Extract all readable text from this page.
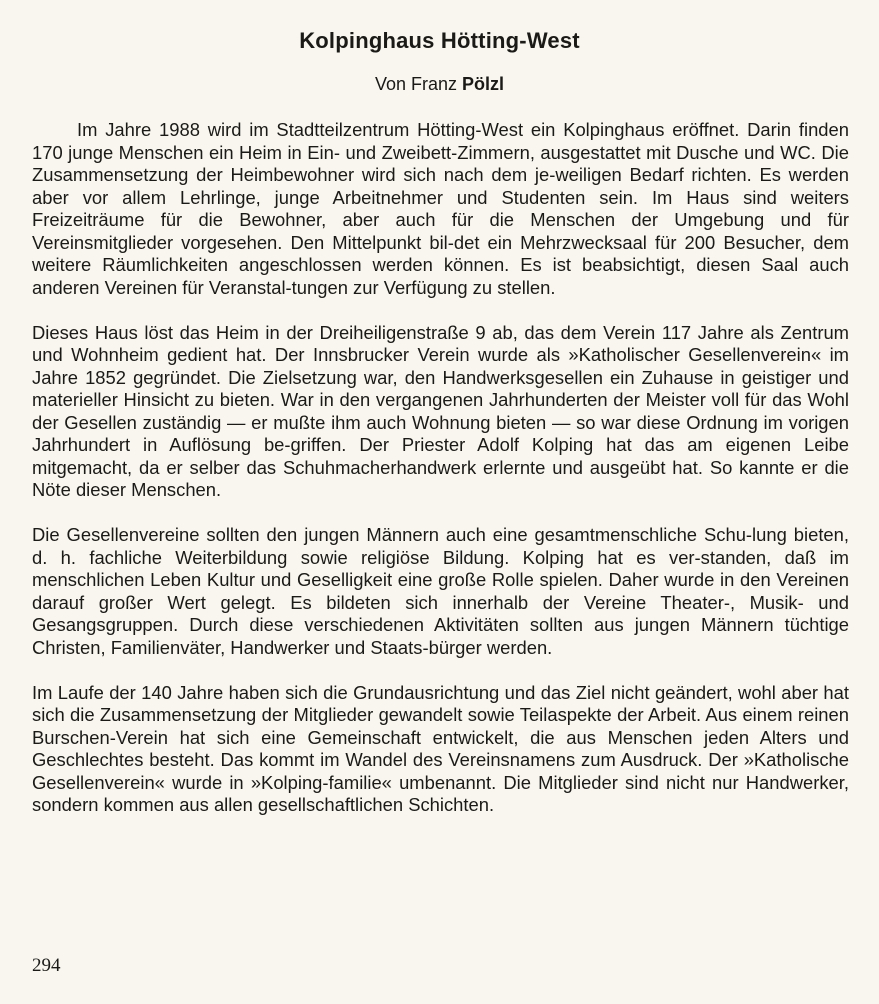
Kolpinghaus Hötting-West
Von Franz Pölzl

Im Jahre 1988 wird im Stadtteilzentrum Hötting-West ein Kolpinghaus eröffnet. Darin finden 170 junge Menschen ein Heim in Ein- und Zweibett-Zimmern, ausgestattet mit Dusche und WC. Die Zusammensetzung der Heimbewohner wird sich nach dem je-weiligen Bedarf richten. Es werden aber vor allem Lehrlinge, junge Arbeitnehmer und Studenten sein. Im Haus sind weiters Freizeiträume für die Bewohner, aber auch für die Menschen der Umgebung und für Vereinsmitglieder vorgesehen. Den Mittelpunkt bil-det ein Mehrzwecksaal für 200 Besucher, dem weitere Räumlichkeiten angeschlossen werden können. Es ist beabsichtigt, diesen Saal auch anderen Vereinen für Veranstal-tungen zur Verfügung zu stellen.

Dieses Haus löst das Heim in der Dreiheiligenstraße 9 ab, das dem Verein 117 Jahre als Zentrum und Wohnheim gedient hat. Der Innsbrucker Verein wurde als »Katholischer Gesellenverein« im Jahre 1852 gegründet. Die Zielsetzung war, den Handwerksgesellen ein Zuhause in geistiger und materieller Hinsicht zu bieten. War in den vergangenen Jahrhunderten der Meister voll für das Wohl der Gesellen zuständig — er mußte ihm auch Wohnung bieten — so war diese Ordnung im vorigen Jahrhundert in Auflösung be-griffen. Der Priester Adolf Kolping hat das am eigenen Leibe mitgemacht, da er selber das Schuhmacherhandwerk erlernte und ausgeübt hat. So kannte er die Nöte dieser Menschen.

Die Gesellenvereine sollten den jungen Männern auch eine gesamtmenschliche Schu-lung bieten, d. h. fachliche Weiterbildung sowie religiöse Bildung. Kolping hat es ver-standen, daß im menschlichen Leben Kultur und Geselligkeit eine große Rolle spielen. Daher wurde in den Vereinen darauf großer Wert gelegt. Es bildeten sich innerhalb der Vereine Theater-, Musik- und Gesangsgruppen. Durch diese verschiedenen Aktivitäten sollten aus jungen Männern tüchtige Christen, Familienväter, Handwerker und Staats-bürger werden.

Im Laufe der 140 Jahre haben sich die Grundausrichtung und das Ziel nicht geändert, wohl aber hat sich die Zusammensetzung der Mitglieder gewandelt sowie Teilaspekte der Arbeit. Aus einem reinen Burschen-Verein hat sich eine Gemeinschaft entwickelt, die aus Menschen jeden Alters und Geschlechtes besteht. Das kommt im Wandel des Vereinsnamens zum Ausdruck. Der »Katholische Gesellenverein« wurde in »Kolping-familie« umbenannt. Die Mitglieder sind nicht nur Handwerker, sondern kommen aus allen gesellschaftlichen Schichten.

294
